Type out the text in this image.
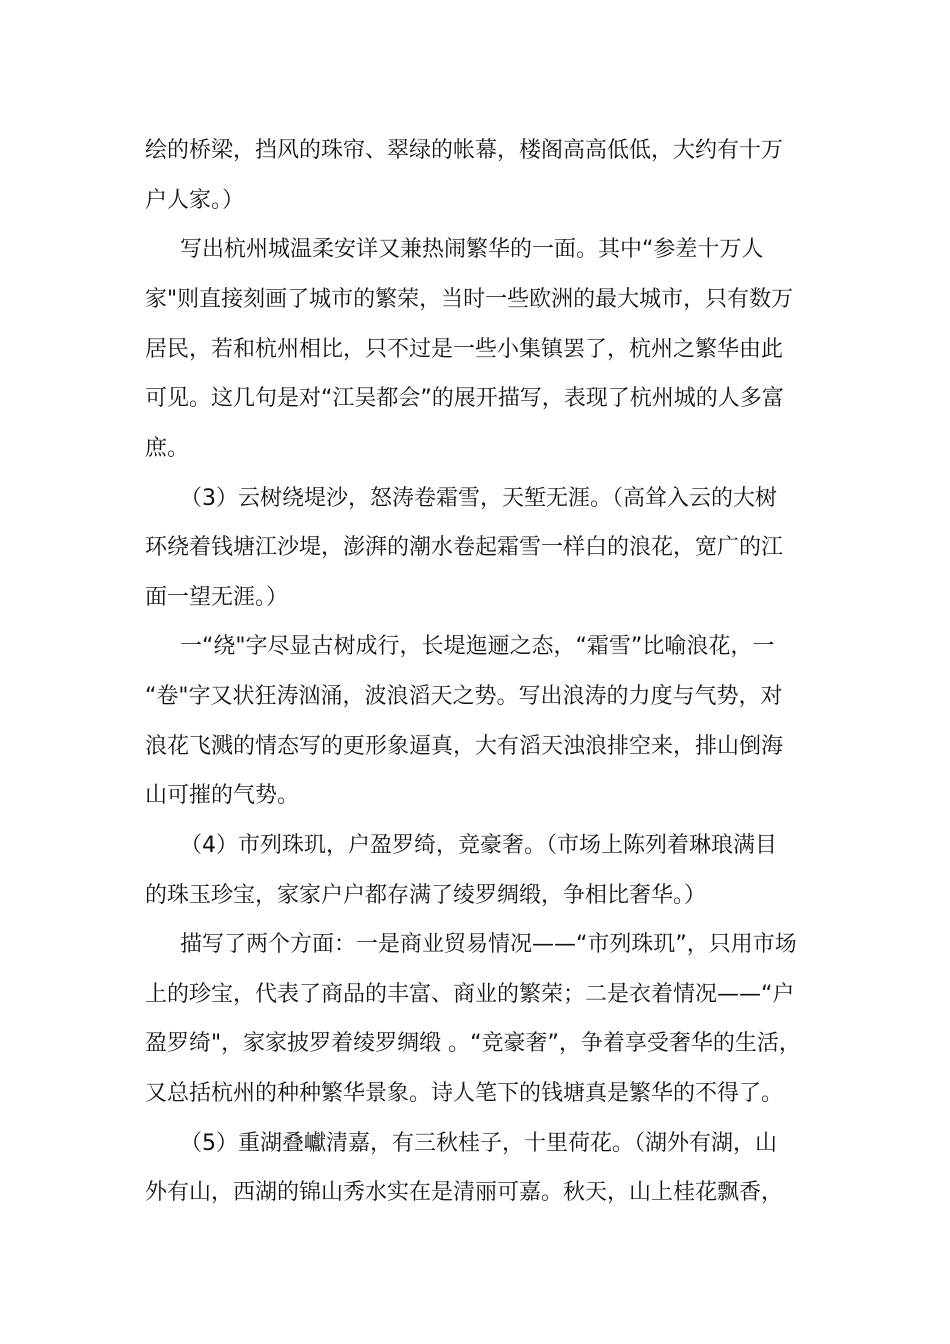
绘的桥梁，挡风的珠帘、翠绿的帐幕，楼阁高高低低，大约有十万
户人家。）
写出杭州城温柔安详又兼热闹繁华的一面。其中“参差十万人
家"则直接刻画了城市的繁荣，当时一些欧洲的最大城市，只有数万
居民，若和杭州相比，只不过是一些小集镇罢了，杭州之繁华由此
可见。这几句是对“江吴都会”的展开描写，表现了杭州城的人多富
庶。
（3）云树绕堤沙，怒涛卷霜雪，天堑无涯。（高耸入云的大树
环绕着钱塘江沙堤，澎湃的潮水卷起霜雪一样白的浪花，宽广的江
面一望无涯。）
一“绕"字尽显古树成行，长堤迤逦之态，“霜雪”比喻浪花，一
“卷"字又状狂涛汹涌，波浪滔天之势。写出浪涛的力度与气势，对
浪花飞溅的情态写的更形象逼真，大有滔天浊浪排空来，排山倒海
山可摧的气势。
（4）市列珠玑，户盈罗绮，竞豪奢。（市场上陈列着琳琅满目
的珠玉珍宝，家家户户都存满了绫罗绸缎，争相比奢华。）
描写了两个方面：一是商业贸易情况——“市列珠玑”，只用市场
上的珍宝，代表了商品的丰富、商业的繁荣；二是衣着情况——“户
盈罗绮"，家家披罗着绫罗绸缎 。“竞豪奢”，争着享受奢华的生活，
又总括杭州的种种繁华景象。诗人笔下的钱塘真是繁华的不得了。
（5）重湖叠巘清嘉，有三秋桂子，十里荷花。（湖外有湖，山
外有山，西湖的锦山秀水实在是清丽可嘉。秋天，山上桂花飘香，
